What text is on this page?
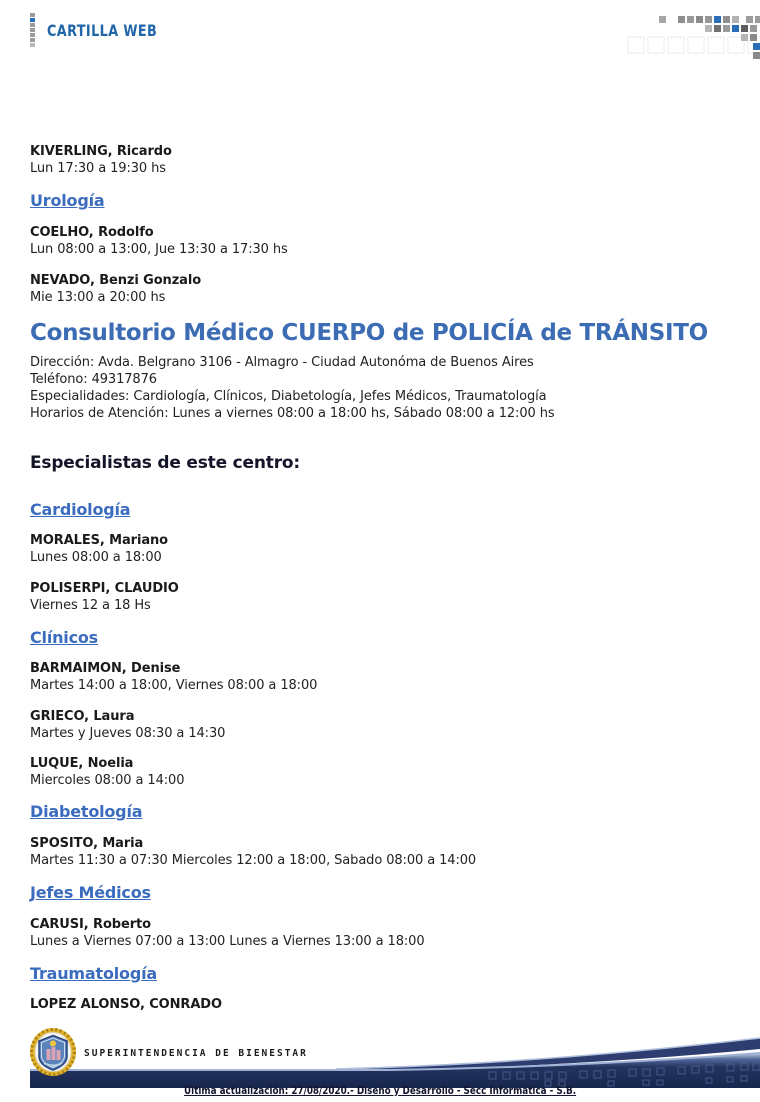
CARTILLA WEB
KIVERLING, Ricardo
Lun 17:30 a 19:30 hs
Urología
COELHO, Rodolfo
Lun 08:00 a 13:00, Jue 13:30 a 17:30 hs
NEVADO, Benzi Gonzalo
Mie 13:00 a 20:00 hs
Consultorio Médico CUERPO de POLICÍA de TRÁNSITO
Dirección: Avda. Belgrano 3106 - Almagro - Ciudad Autonóma de Buenos Aires
Teléfono: 49317876
Especialidades: Cardiología, Clínicos, Diabetología, Jefes Médicos, Traumatología
Horarios de Atención: Lunes a viernes 08:00 a 18:00 hs, Sábado 08:00 a 12:00 hs
Especialistas de este centro:
Cardiología
MORALES, Mariano
Lunes 08:00 a 18:00
POLISERPI, CLAUDIO
Viernes 12 a 18 Hs
Clínicos
BARMAIMON, Denise
Martes 14:00 a 18:00, Viernes 08:00 a 18:00
GRIECO, Laura
Martes y Jueves 08:30 a 14:30
LUQUE, Noelia
Miercoles 08:00 a 14:00
Diabetología
SPOSITO, Maria
Martes 11:30 a 07:30 Miercoles 12:00 a 18:00, Sabado 08:00 a 14:00
Jefes Médicos
CARUSI, Roberto
Lunes a Viernes 07:00 a 13:00 Lunes a Viernes 13:00 a 18:00
Traumatología
LOPEZ ALONSO, CONRADO
SUPERINTENDENCIA DE BIENESTAR
Última actualización: 27/08/2020.- Diseño y Desarrollo - Secc Informática - S.B.
